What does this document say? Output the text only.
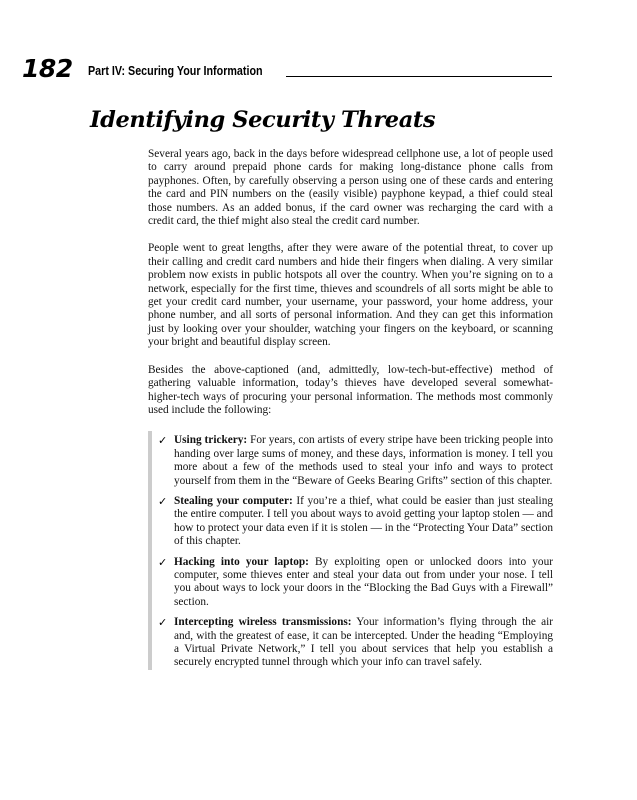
182 Part IV: Securing Your Information
Identifying Security Threats

Several years ago, back in the days before widespread cellphone use, a lot of people used to carry around prepaid phone cards for making long-distance phone calls from payphones. Often, by carefully observing a person using one of these cards and entering the card and PIN numbers on the (easily visible) payphone keypad, a thief could steal those numbers. As an added bonus, if the card owner was recharging the card with a credit card, the thief might also steal the credit card number.

People went to great lengths, after they were aware of the potential threat, to cover up their calling and credit card numbers and hide their fingers when dialing. A very similar problem now exists in public hotspots all over the country. When you’re signing on to a network, especially for the first time, thieves and scoundrels of all sorts might be able to get your credit card number, your username, your password, your home address, your phone number, and all sorts of personal information. And they can get this information just by looking over your shoulder, watching your fingers on the keyboard, or scanning your bright and beautiful display screen.

Besides the above-captioned (and, admittedly, low-tech-but-effective) method of gathering valuable information, today’s thieves have developed several somewhat-higher-tech ways of procuring your personal information. The methods most commonly used include the following:

✓ Using trickery: For years, con artists of every stripe have been tricking people into handing over large sums of money, and these days, information is money. I tell you more about a few of the methods used to steal your info and ways to protect yourself from them in the “Beware of Geeks Bearing Grifts” section of this chapter.
✓ Stealing your computer: If you’re a thief, what could be easier than just stealing the entire computer. I tell you about ways to avoid getting your laptop stolen — and how to protect your data even if it is stolen — in the “Protecting Your Data” section of this chapter.
✓ Hacking into your laptop: By exploiting open or unlocked doors into your computer, some thieves enter and steal your data out from under your nose. I tell you about ways to lock your doors in the “Blocking the Bad Guys with a Firewall” section.
✓ Intercepting wireless transmissions: Your information’s flying through the air and, with the greatest of ease, it can be intercepted. Under the heading “Employing a Virtual Private Network,” I tell you about services that help you establish a securely encrypted tunnel through which your info can travel safely.
